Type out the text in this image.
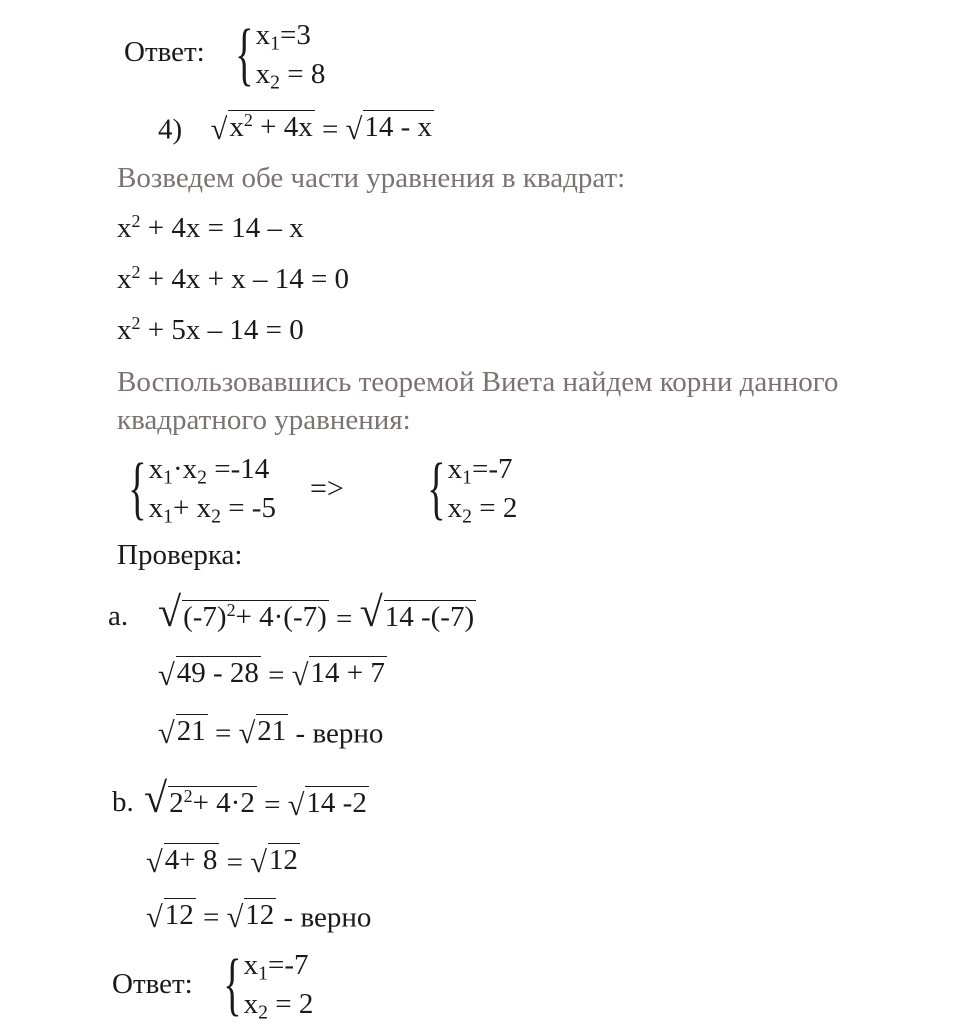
Ответ: { $x_1=3$
$x_2 = 8$
4) √ $x^2 + 4x$ = √ 14 - x
Возведем обе части уравнения в квадрат:
$x^2 + 4x = 14 - x$
$x^2 + 4x + x - 14 = 0$
$x^2 + 5x - 14 = 0$
Воспользовавшись теоремой Виета найдем корни данного
квадратного уравнения:
{ $x_1\cdot x_2 =-14$
$x_1+ x_2 = -5$
=> { $x_1=-7$
$x_2 = 2$
Проверка:
a. √ $(-7)^2+ 4\cdot(-7)$ = √ 14 -(-7)
√ 49 - 28 = √ 14 + 7
√ 21 = √ 21 - верно
b. √ $2^2+ 4\cdot 2$ = √ 14 -2
√ 4+ 8 = √ 12
√ 12 = √ 12 - верно
Ответ: { $x_1=-7$
$x_2 = 2$
